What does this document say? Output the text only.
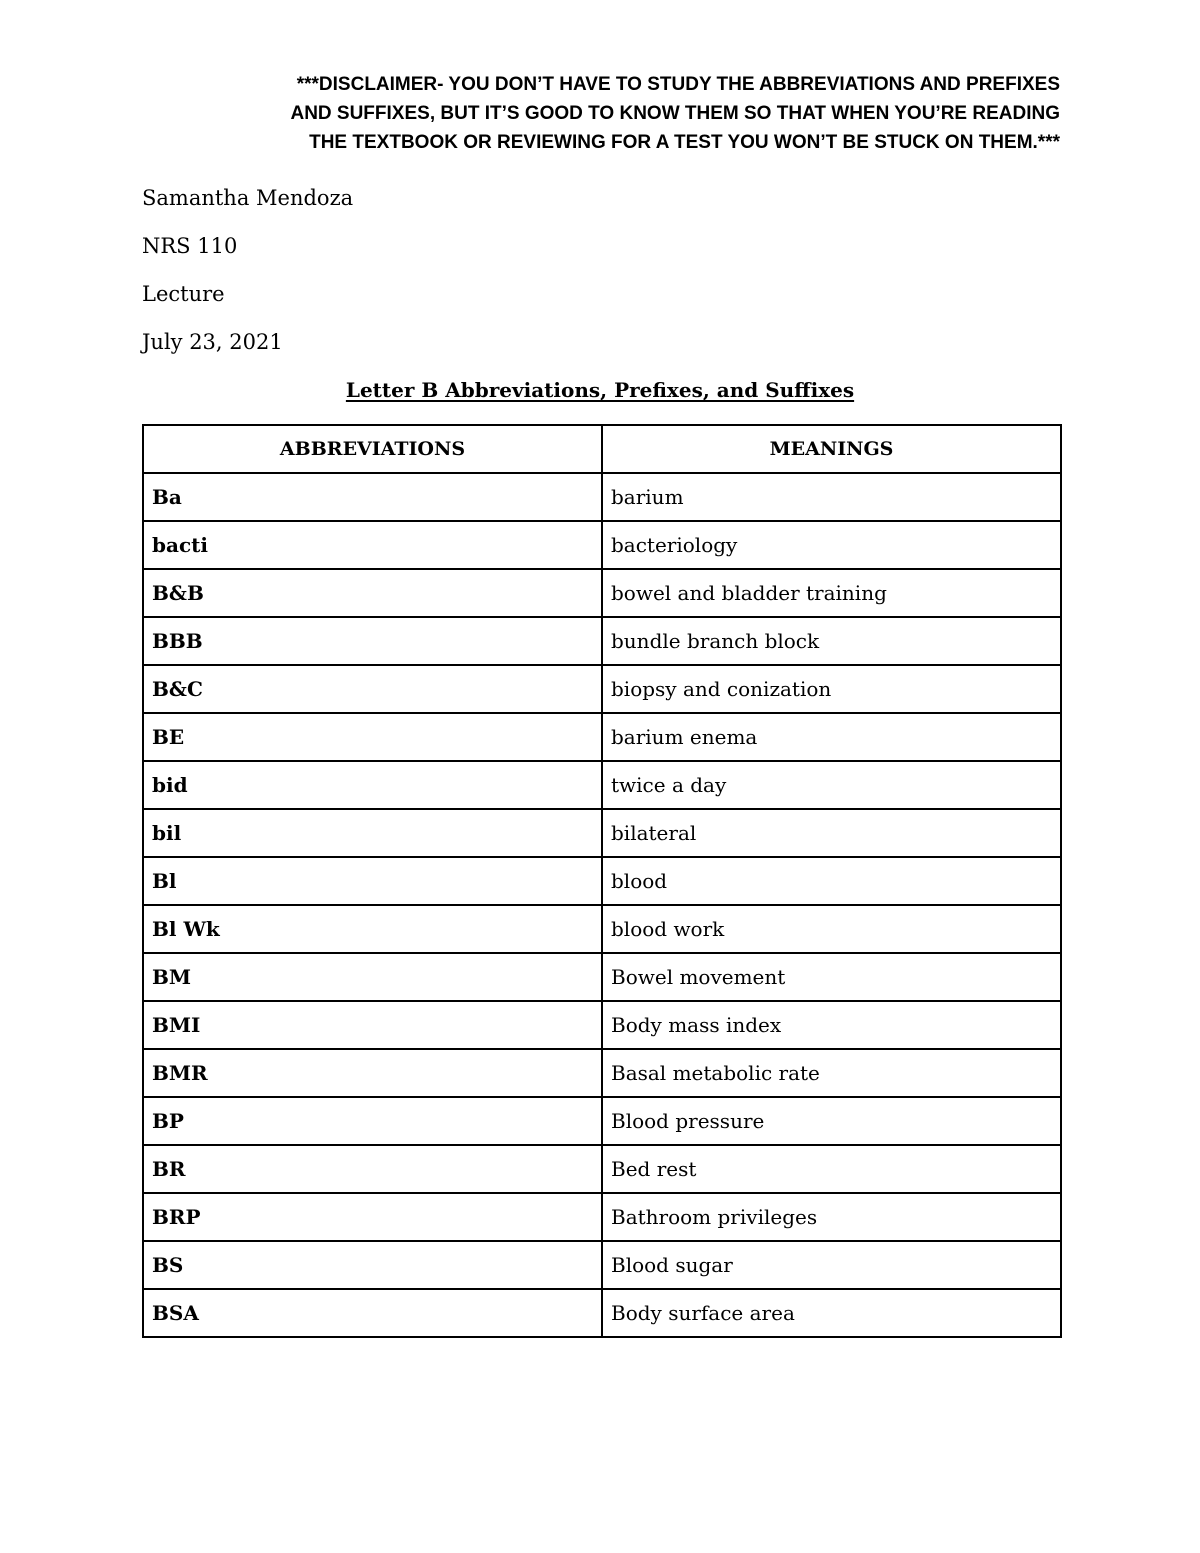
***DISCLAIMER- YOU DON’T HAVE TO STUDY THE ABBREVIATIONS AND PREFIXES
AND SUFFIXES, BUT IT’S GOOD TO KNOW THEM SO THAT WHEN YOU’RE READING
THE TEXTBOOK OR REVIEWING FOR A TEST YOU WON’T BE STUCK ON THEM.***
Samantha Mendoza
NRS 110
Lecture
July 23, 2021
Letter B Abbreviations, Prefixes, and Suffixes
ABBREVIATIONS	MEANINGS
Ba	barium
bacti	bacteriology
B&B	bowel and bladder training
BBB	bundle branch block
B&C	biopsy and conization
BE	barium enema
bid	twice a day
bil	bilateral
Bl	blood
Bl Wk	blood work
BM	Bowel movement
BMI	Body mass index
BMR	Basal metabolic rate
BP	Blood pressure
BR	Bed rest
BRP	Bathroom privileges
BS	Blood sugar
BSA	Body surface area
